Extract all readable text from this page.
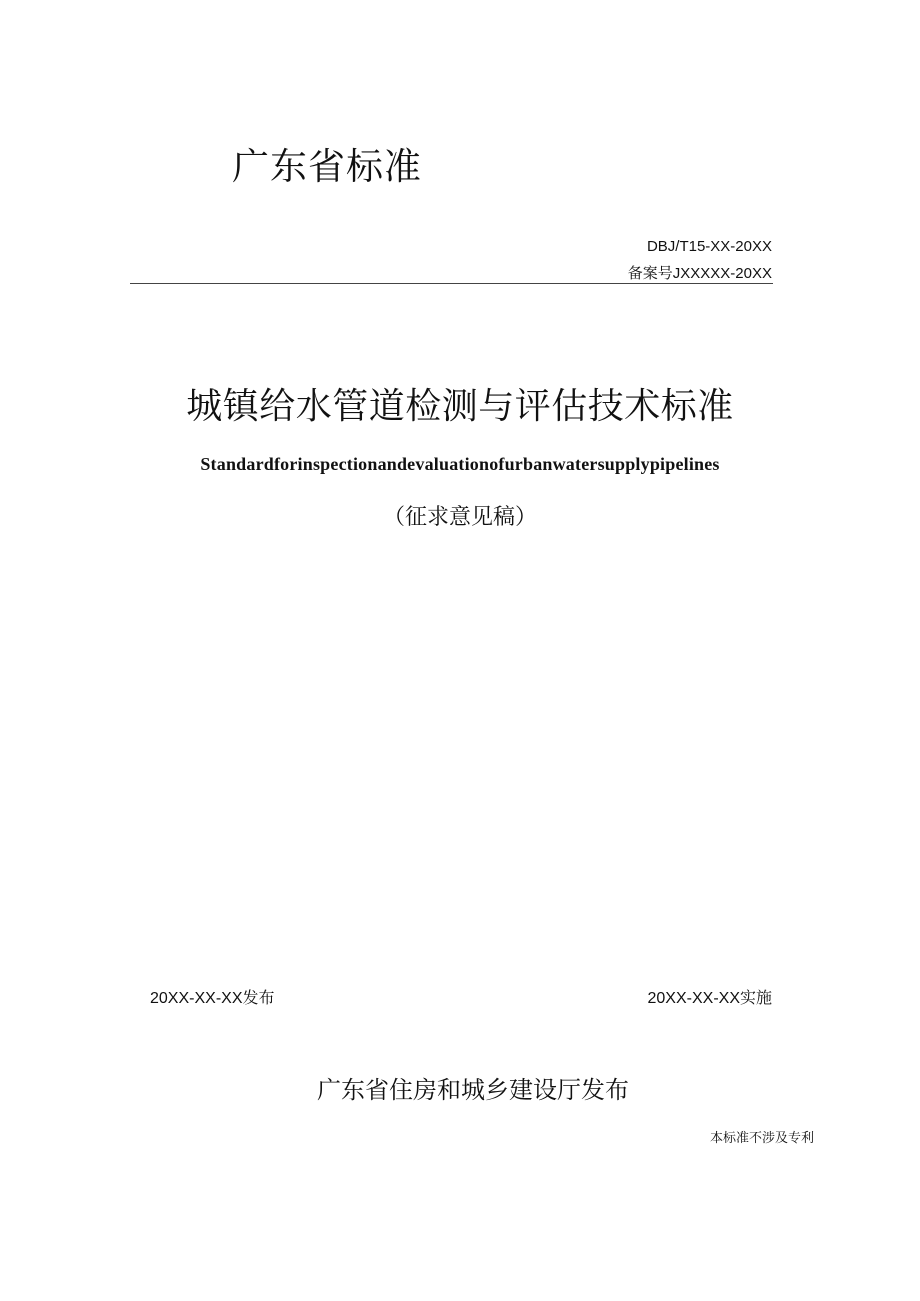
广东省标准
DBJ/T15-XX-20XX
备案号JXXXXX-20XX
城镇给水管道检测与评估技术标准
Standardforinspectionandevaluationofurbanwatersupplypipelines
（征求意见稿）
20XX-XX-XX发布	20XX-XX-XX实施
广东省住房和城乡建设厅发布
本标准不涉及专利
